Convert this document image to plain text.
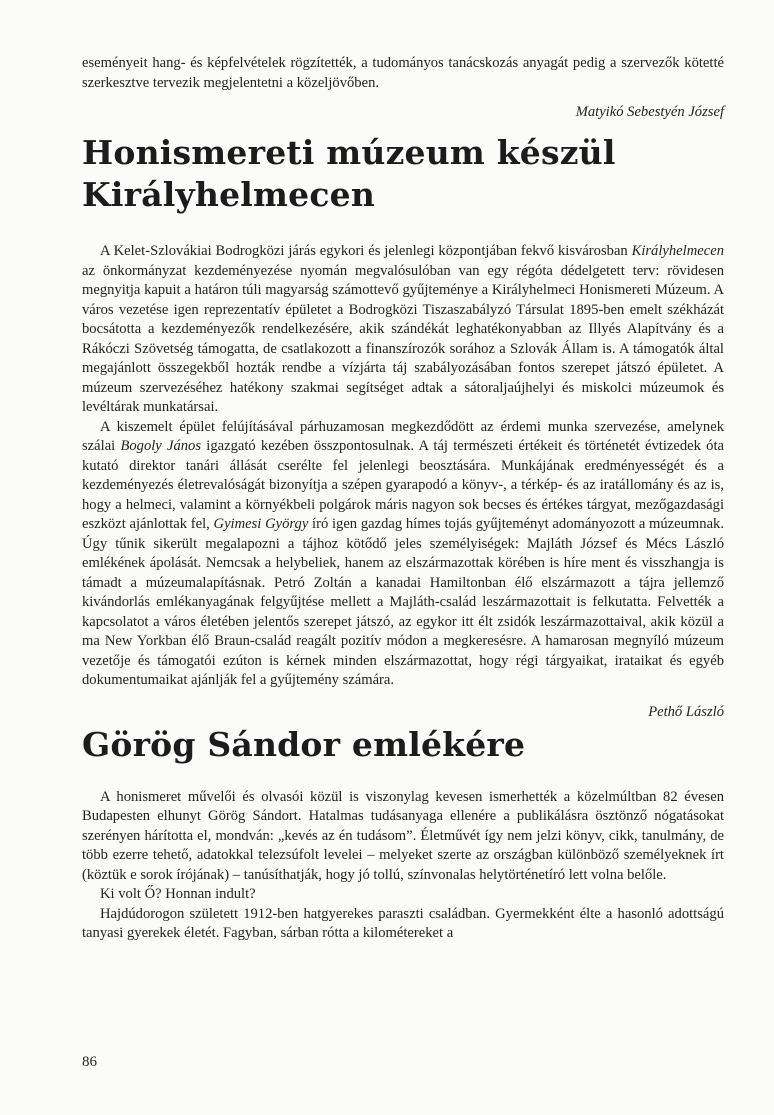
eseményeit hang- és képfelvételek rögzítették, a tudományos tanácskozás anyagát pedig a szervezők kötetté szerkesztve tervezik megjelentetni a közeljövőben.

Matyikó Sebestyén József

Honismereti múzeum készül
Királyhelmecen

A Kelet-Szlovákiai Bodrogközi járás egykori és jelenlegi központjában fekvő kisvárosban Királyhelmecen az önkormányzat kezdeményezése nyomán megvalósulóban van egy régóta dédelgetett terv: rövidesen megnyitja kapuit a határon túli magyarság számottevő gyűjteménye a Királyhelmeci Honismereti Múzeum. A város vezetése igen reprezentatív épületet a Bodrogközi Tiszaszabályzó Társulat 1895-ben emelt székházát bocsátotta a kezdeményezők rendelkezésére, akik szándékát leghatékonyabban az Illyés Alapítvány és a Rákóczi Szövetség támogatta, de csatlakozott a finanszírozók sorához a Szlovák Állam is. A támogatók által megajánlott összegekből hozták rendbe a vízjárta táj szabályozásában fontos szerepet játszó épületet. A múzeum szervezéséhez hatékony szakmai segítséget adtak a sátoraljaújhelyi és miskolci múzeumok és levéltárak munkatársai.

A kiszemelt épület felújításával párhuzamosan megkezdődött az érdemi munka szervezése, amelynek szálai Bogoly János igazgató kezében összpontosulnak. A táj természeti értékeit és történetét évtizedek óta kutató direktor tanári állását cserélte fel jelenlegi beosztására. Munkájának eredményességét és a kezdeményezés életrevalóságát bizonyítja a szépen gyarapodó a könyv-, a térkép- és az iratállomány és az is, hogy a helmeci, valamint a környékbeli polgárok máris nagyon sok becses és értékes tárgyat, mezőgazdasági eszközt ajánlottak fel, Gyimesi György író igen gazdag hímes tojás gyűjteményt adományozott a múzeumnak. Úgy tűnik sikerült megalapozni a tájhoz kötődő jeles személyiségek: Majláth József és Mécs László emlékének ápolását. Nemcsak a helybeliek, hanem az elszármazottak körében is híre ment és visszhangja is támadt a múzeumalapításnak. Petró Zoltán a kanadai Hamiltonban élő elszármazott a tájra jellemző kivándorlás emlékanyagának felgyűjtése mellett a Majláth-család leszármazottait is felkutatta. Felvették a kapcsolatot a város életében jelentős szerepet játszó, az egykor itt élt zsidók leszármazottaival, akik közül a ma New Yorkban élő Braun-család reagált pozitív módon a megkeresésre. A hamarosan megnyíló múzeum vezetője és támogatói ezúton is kérnek minden elszármazottat, hogy régi tárgyaikat, irataikat és egyéb dokumentumaikat ajánlják fel a gyűjtemény számára.

Pethő László

Görög Sándor emlékére

A honismeret művelői és olvasói közül is viszonylag kevesen ismerhették a közelmúltban 82 évesen Budapesten elhunyt Görög Sándort. Hatalmas tudásanyaga ellenére a publikálásra ösztönző nógatásokat szerényen hárította el, mondván: „kevés az én tudásom”. Életművét így nem jelzi könyv, cikk, tanulmány, de több ezerre tehető, adatokkal telezsúfolt levelei – melyeket szerte az országban különböző személyeknek írt (köztük e sorok írójának) – tanúsíthatják, hogy jó tollú, színvonalas helytörténetíró lett volna belőle.

Ki volt Ő? Honnan indult?

Hajdúdorogon született 1912-ben hatgyerekes paraszti családban. Gyermekként élte a hasonló adottságú tanyasi gyerekek életét. Fagyban, sárban rótta a kilométereket a

86
